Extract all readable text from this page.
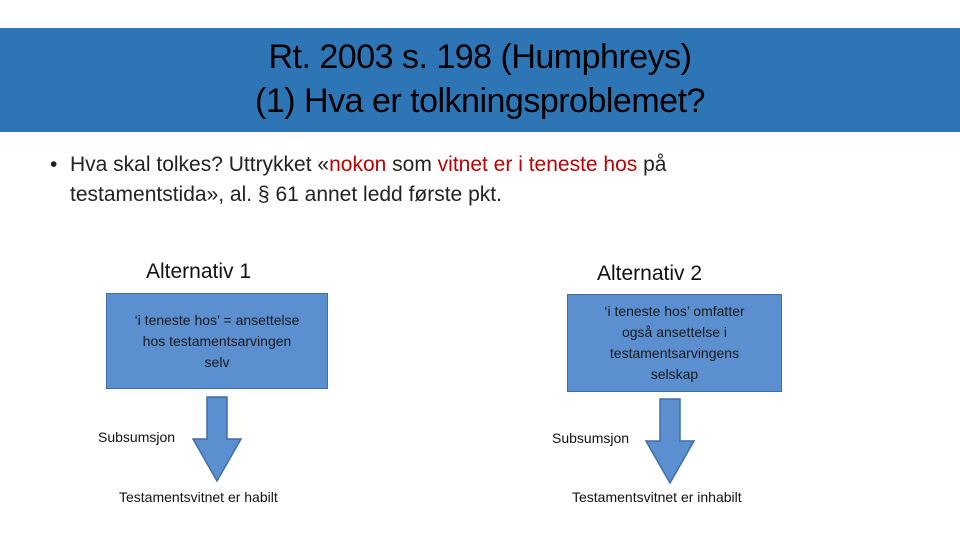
Rt. 2003 s. 198 (Humphreys)
(1) Hva er tolkningsproblemet?
• Hva skal tolkes? Uttrykket «nokon som vitnet er i teneste hos på
testamentstida», al. § 61 annet ledd første pkt.
Alternativ 1
‘i teneste hos’ = ansettelse
hos testamentsarvingen
selv
Subsumsjon
Testamentsvitnet er habilt
Alternativ 2
‘i teneste hos’ omfatter
også ansettelse i
testamentsarvingens
selskap
Subsumsjon
Testamentsvitnet er inhabilt
